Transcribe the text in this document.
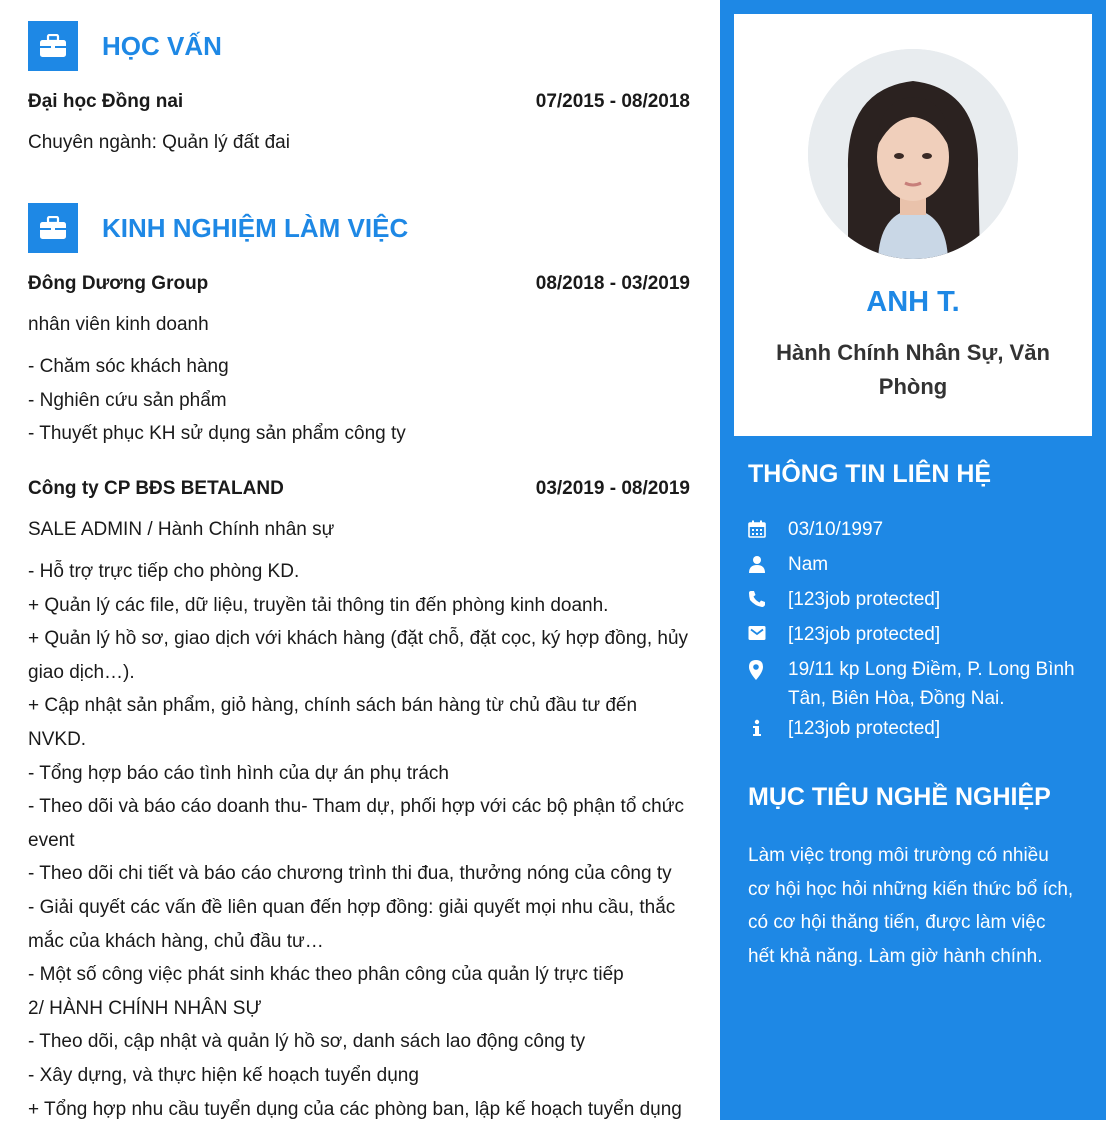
HỌC VẤN
Đại học Đồng nai	07/2015 - 08/2018
Chuyên ngành: Quản lý đất đai
KINH NGHIỆM LÀM VIỆC
Đông Dương Group	08/2018 - 03/2019
nhân viên kinh doanh
- Chăm sóc khách hàng
- Nghiên cứu sản phẩm
- Thuyết phục KH sử dụng sản phẩm công ty
Công ty CP BĐS BETALAND	03/2019 - 08/2019
SALE ADMIN / Hành Chính nhân sự
- Hỗ trợ trực tiếp cho phòng KD.
+ Quản lý các file, dữ liệu, truyền tải thông tin đến phòng kinh doanh.
+ Quản lý hồ sơ, giao dịch với khách hàng (đặt chỗ, đặt cọc, ký hợp đồng, hủy
giao dịch…).
+ Cập nhật sản phẩm, giỏ hàng, chính sách bán hàng từ chủ đầu tư đến
NVKD.
- Tổng hợp báo cáo tình hình của dự án phụ trách
- Theo dõi và báo cáo doanh thu- Tham dự, phối hợp với các bộ phận tổ chức
event
- Theo dõi chi tiết và báo cáo chương trình thi đua, thưởng nóng của công ty
- Giải quyết các vấn đề liên quan đến hợp đồng: giải quyết mọi nhu cầu, thắc
mắc của khách hàng, chủ đầu tư…
- Một số công việc phát sinh khác theo phân công của quản lý trực tiếp
2/ HÀNH CHÍNH NHÂN SỰ
- Theo dõi, cập nhật và quản lý hồ sơ, danh sách lao động công ty
- Xây dựng, và thực hiện kế hoạch tuyển dụng
+ Tổng hợp nhu cầu tuyển dụng của các phòng ban, lập kế hoạch tuyển dụng
ANH T.
Hành Chính Nhân Sự, Văn Phòng
THÔNG TIN LIÊN HỆ
03/10/1997
Nam
[123job protected]
[123job protected]
19/11 kp Long Điềm, P. Long Bình Tân, Biên Hòa, Đồng Nai.
[123job protected]
MỤC TIÊU NGHỀ NGHIỆP
Làm việc trong môi trường có nhiều
cơ hội học hỏi những kiến thức bổ ích,
có cơ hội thăng tiến, được làm việc
hết khả năng. Làm giờ hành chính.
